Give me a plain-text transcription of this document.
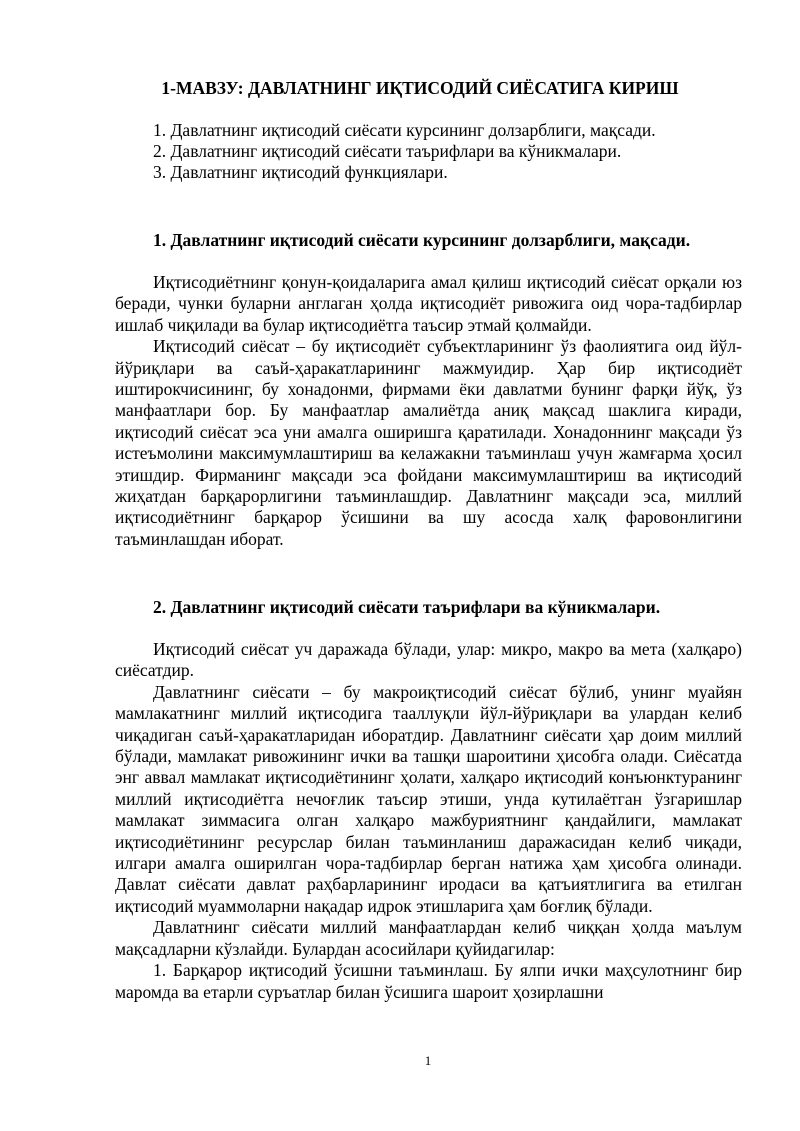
1-МАВЗУ: ДАВЛАТНИНГ ИҚТИСОДИЙ СИЁСАТИГА КИРИШ
1. Давлатнинг иқтисодий сиёсати курсининг долзарблиги, мақсади.
2. Давлатнинг иқтисодий сиёсати таърифлари ва кўникмалари.
3. Давлатнинг иқтисодий функциялари.
1. Давлатнинг иқтисодий сиёсати курсининг долзарблиги, мақсади.

Иқтисодиётнинг қонун-қоидаларига амал қилиш иқтисодий сиёсат орқали юз беради, чунки буларни англаган ҳолда иқтисодиёт ривожига оид чора-тадбирлар ишлаб чиқилади ва булар иқтисодиётга таъсир этмай қолмайди.

Иқтисодий сиёсат – бу иқтисодиёт субъектларининг ўз фаолиятига оид йўл-йўриқлари ва саъй-ҳаракатларининг мажмуидир. Ҳар бир иқтисодиёт иштирокчисининг, бу хонадонми, фирмами ёки давлатми бунинг фарқи йўқ, ўз манфаатлари бор. Бу манфаатлар амалиётда аниқ мақсад шаклига киради, иқтисодий сиёсат эса уни амалга оширишга қаратилади. Хонадоннинг мақсади ўз истеъмолини максимумлаштириш ва келажакни таъминлаш учун жамғарма ҳосил этишдир. Фирманинг мақсади эса фойдани максимумлаштириш ва иқтисодий жиҳатдан барқарорлигини таъминлашдир. Давлатнинг мақсади эса, миллий иқтисодиётнинг барқарор ўсишини ва шу асосда халқ фаровонлигини таъминлашдан иборат.

2. Давлатнинг иқтисодий сиёсати таърифлари ва кўникмалари.

Иқтисодий сиёсат уч даражада бўлади, улар: микро, макро ва мета (халқаро) сиёсатдир.

Давлатнинг сиёсати – бу макроиқтисодий сиёсат бўлиб, унинг муайян мамлакатнинг миллий иқтисодига тааллуқли йўл-йўриқлари ва улардан келиб чиқадиган саъй-ҳаракатларидан иборатдир. Давлатнинг сиёсати ҳар доим миллий бўлади, мамлакат ривожининг ички ва ташқи шароитини ҳисобга олади. Сиёсатда энг аввал мамлакат иқтисодиётининг ҳолати, халқаро иқтисодий конъюнктуранинг миллий иқтисодиётга нечоғлик таъсир этиши, унда кутилаётган ўзгаришлар мамлакат зиммасига олган халқаро мажбуриятнинг қандайлиги, мамлакат иқтисодиётининг ресурслар билан таъминланиш даражасидан келиб чиқади, илгари амалга оширилган чора-тадбирлар берган натижа ҳам ҳисобга олинади. Давлат сиёсати давлат раҳбарларининг иродаси ва қатъиятлигига ва етилган иқтисодий муаммоларни нақадар идрок этишларига ҳам боғлиқ бўлади.

Давлатнинг сиёсати миллий манфаатлардан келиб чиққан ҳолда маълум мақсадларни кўзлайди. Булардан асосийлари қуйидагилар:

1. Барқарор иқтисодий ўсишни таъминлаш. Бу ялпи ички маҳсулотнинг бир маромда ва етарли суръатлар билан ўсишига шароит ҳозирлашни

1
